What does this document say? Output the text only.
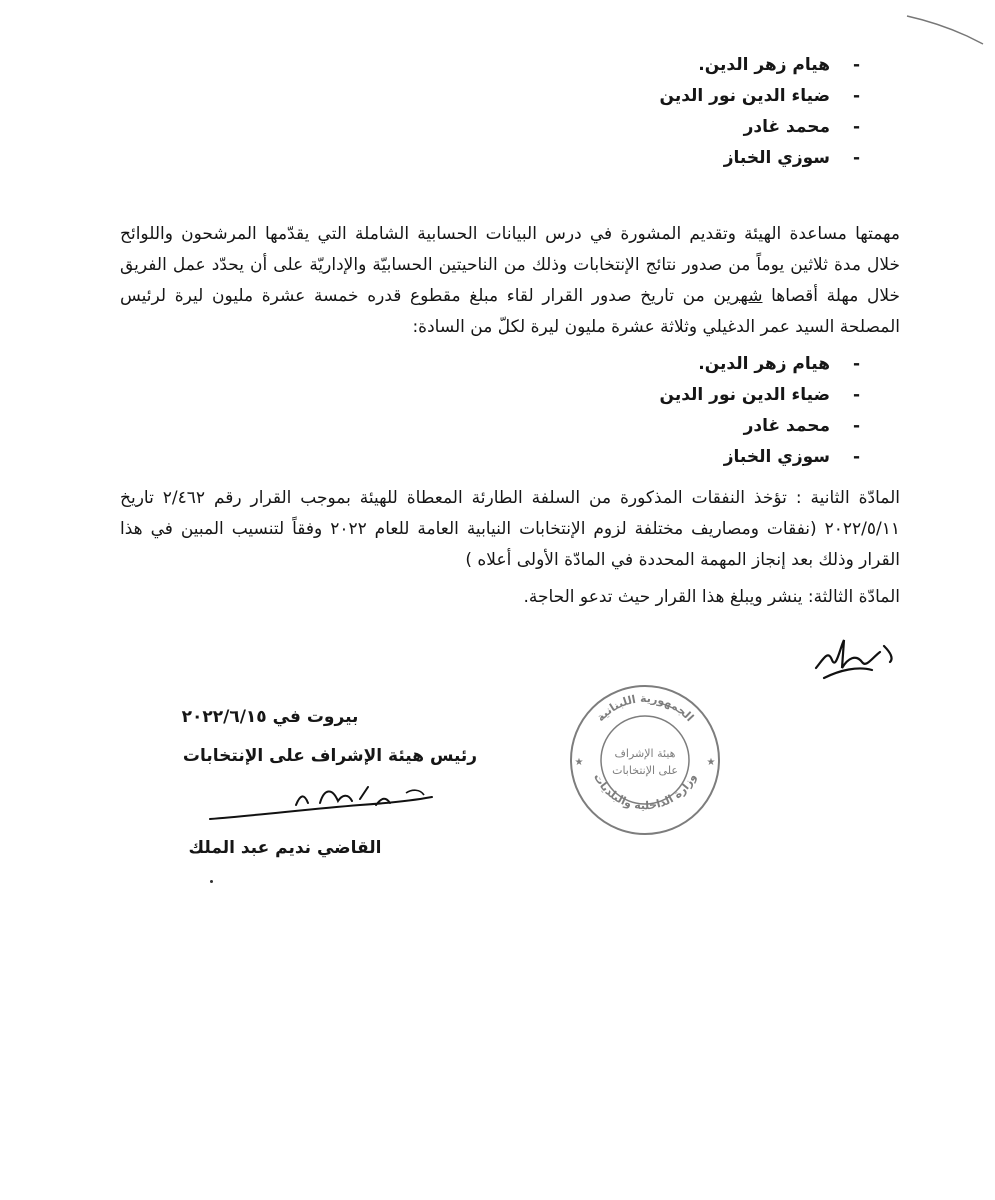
-هيام زهر الدين.
-ضياء الدين نور الدين
-محمد غادر
-سوزي الخباز

مهمتها مساعدة الهيئة وتقديم المشورة في درس البيانات الحسابية الشاملة التي يقدّمها المرشحون واللوائح خلال مدة ثلاثين يوماً من صدور نتائج الإنتخابات وذلك من الناحيتين الحسابيّة والإداريّة على أن يحدّد عمل الفريق خلال مهلة أقصاها شهرين من تاريخ صدور القرار لقاء مبلغ مقطوع قدره خمسة عشرة مليون ليرة لرئيس المصلحة السيد عمر الدغيلي وثلاثة عشرة مليون ليرة لكلّ من السادة:

-هيام زهر الدين.
-ضياء الدين نور الدين
-محمد غادر
-سوزي الخباز

المادّة الثانية : تؤخذ النفقات المذكورة من السلفة الطارئة المعطاة للهيئة بموجب القرار رقم ٢/٤٦٢ تاريخ ٢٠٢٢/٥/١١ (نفقات ومصاريف مختلفة لزوم الإنتخابات النيابية العامة للعام ٢٠٢٢ وفقاً لتنسيب المبين في هذا القرار وذلك بعد إنجاز المهمة المحددة في المادّة الأولى أعلاه )

المادّة الثالثة: ينشر ويبلغ هذا القرار حيث تدعو الحاجة.

بيروت في ٢٠٢٢/٦/١٥
رئيس هيئة الإشراف على الإنتخابات
القاضي نديم عبد الملك
الجمهورية اللبنانية
وزارة الداخلية والبلديات
هيئة الإشراف
على الإنتخابات
★	★
